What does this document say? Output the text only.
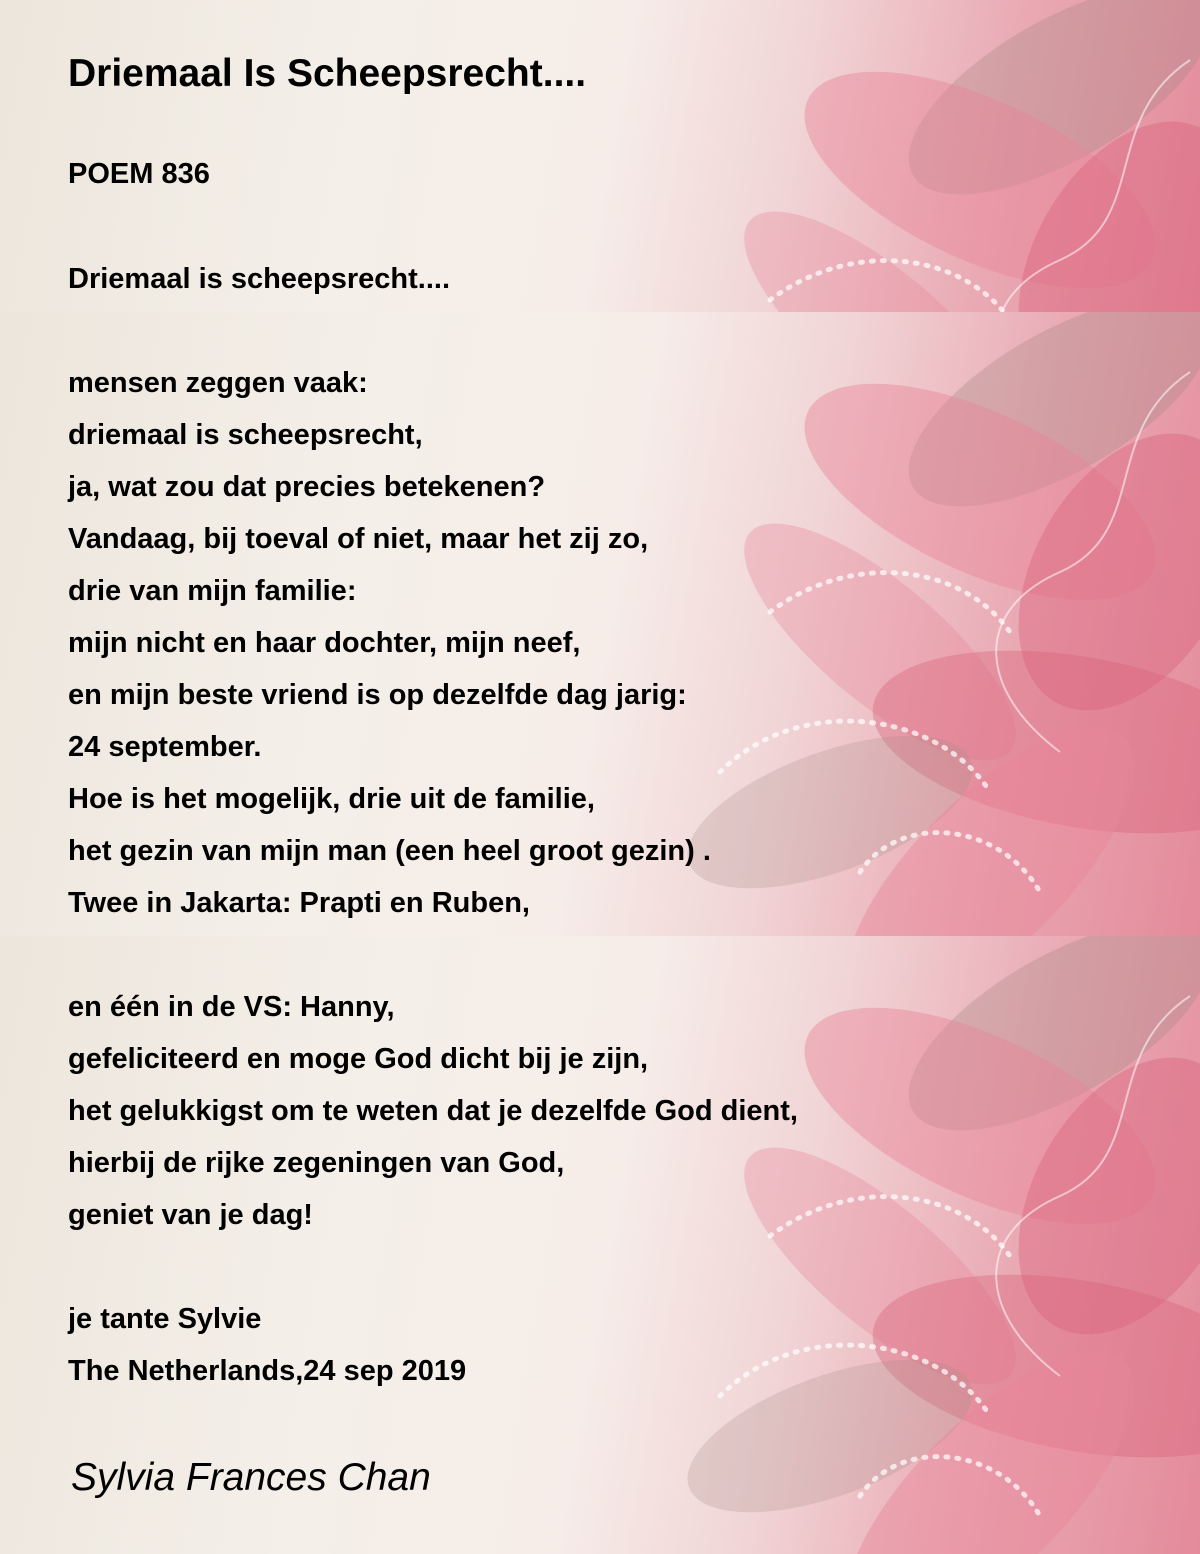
Driemaal Is Scheepsrecht....
POEM 836
Driemaal is scheepsrecht....
mensen zeggen vaak:
driemaal is scheepsrecht,
ja, wat zou dat precies betekenen?
Vandaag, bij toeval of niet, maar het zij zo,
drie van mijn familie:
mijn nicht en haar dochter, mijn neef,
en mijn beste vriend is op dezelfde dag jarig:
24 september.
Hoe is het mogelijk, drie uit de familie,
het gezin van mijn man (een heel groot gezin) .
Twee in Jakarta: Prapti en Ruben,
en één in de VS: Hanny,
gefeliciteerd en moge God dicht bij je zijn,
het gelukkigst om te weten dat je dezelfde God dient,
hierbij de rijke zegeningen van God,
geniet van je dag!
je tante Sylvie
The Netherlands,24 sep 2019
Sylvia Frances Chan
